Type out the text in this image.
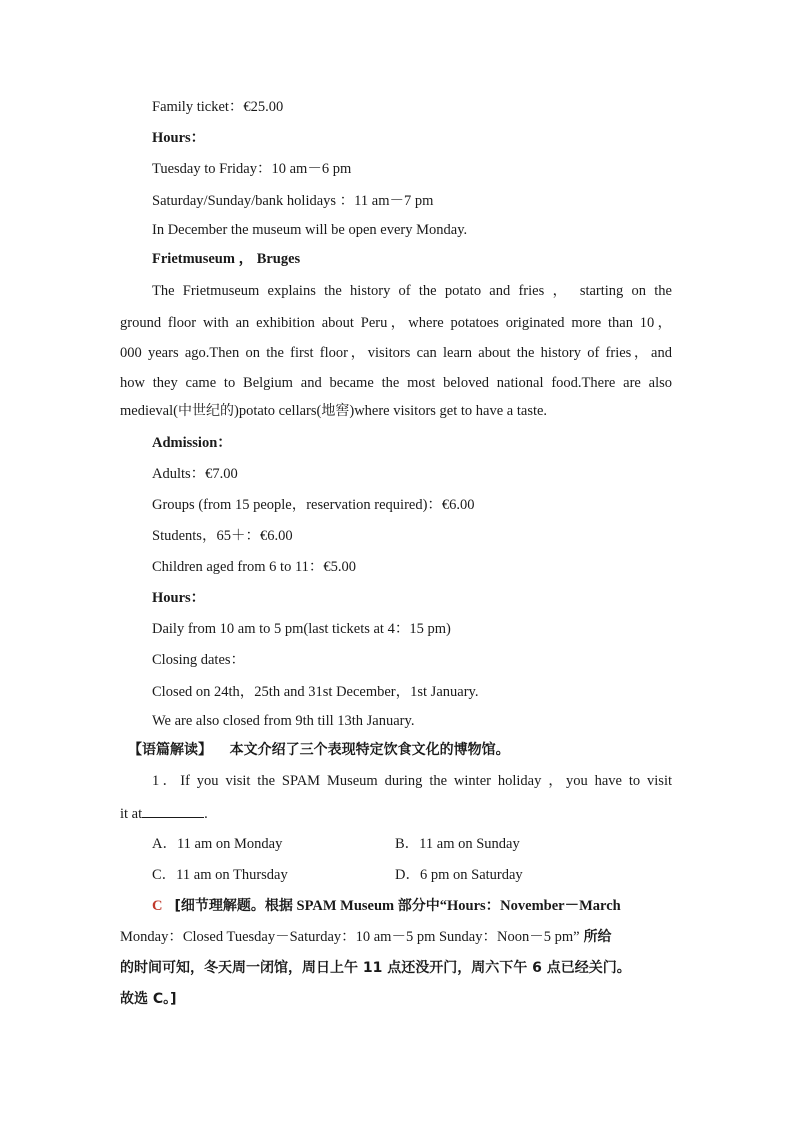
Family ticket：€25.00
Hours：
Tuesday to Friday：10 am－6 pm
Saturday/Sunday/bank holidays ：11 am－7 pm
In December the museum will be open every Monday.
Frietmuseum ， Bruges
The Frietmuseum explains the history of the potato and fries ， starting on the
ground floor with an exhibition about Peru，where potatoes originated more than 10，
000 years ago.Then on the first floor，visitors can learn about the history of fries，and
how they came to Belgium and became the most beloved national food.There are also
medieval(中世纪的)potato cellars(地窖)where visitors get to have a taste.
Admission：
Adults：€7.00
Groups (from 15 people，reservation required)：€6.00
Students，65＋：€6.00
Children aged from 6 to 11：€5.00
Hours：
Daily from 10 am to 5 pm(last tickets at 4：15 pm)
Closing dates：
Closed on 24th，25th and 31st December，1st January.
We are also closed from 9th till 13th January.
【语篇解读】 本文介绍了三个表现特定饮食文化的博物馆。
1．If you visit the SPAM Museum during the winter holiday ，you have to visit
it at	.
A．11 am on Monday	B．11 am on Sunday
C．11 am on Thursday	D．6 pm on Saturday
C [细节理解题。根据 SPAM Museum 部分中“Hours：November－March
Monday：Closed Tuesday－Saturday：10 am－5 pm Sunday：Noon－5 pm” 所给
的时间可知，冬天周一闭馆，周日上午 11 点还没开门，周六下午 6 点已经关门。
故选 C。]
